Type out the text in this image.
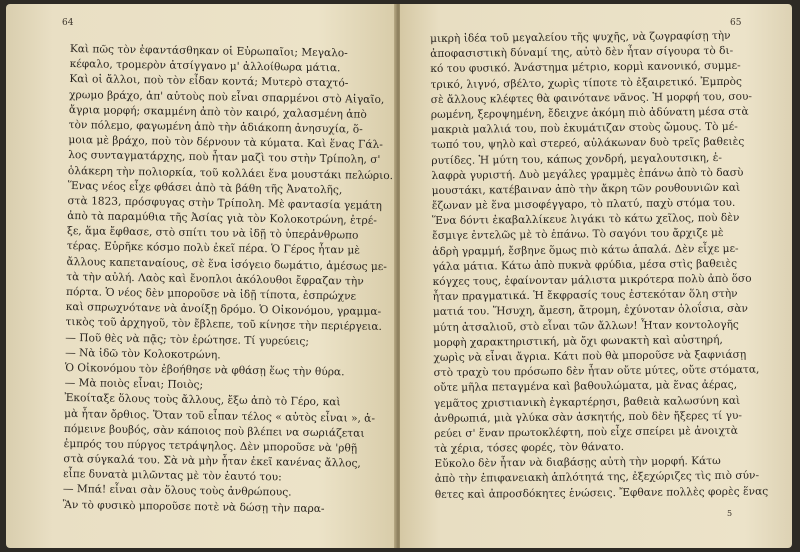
64
Καὶ πῶς τὸν ἐφαντάσθηκαν οἱ Εὐρωπαῖοι; Μεγαλο-
κέφαλο, τρομερὸν ἀτσίγγανο μ' ἀλλοίθωρα μάτια.
Καὶ οἱ ἄλλοι, ποὺ τὸν εἶδαν κοντά; Μυτερὸ σταχτό-
χρωμο βράχο, ἀπ' αὐτοὺς ποὺ εἶναι σπαρμένοι στὸ Αἰγαῖο,
ἄγρια μορφή; σκαμμένη ἀπὸ τὸν καιρό, χαλασμένη ἀπὸ
τὸν πόλεμο, φαγωμένη ἀπὸ τὴν ἀδιάκοπη ἀνησυχία, ὅ-
μοια μὲ βράχο, ποὺ τὸν δέρνουν τὰ κύματα. Καὶ ἕνας Γάλ-
λος συνταγματάρχης, ποὺ ἦταν μαζὶ του στὴν Τρίπολη, σ'
ὁλάκερη τὴν πολιορκία, τοῦ κολλάει ἕνα μουστάκι πελώριο.
Ἕνας νέος εἶχε φθάσει ἀπὸ τὰ βάθη τῆς Ἀνατολῆς,
στὰ 1823, πρόσφυγας στὴν Τρίπολη. Μὲ φαντασία γεμάτη
ἀπὸ τὰ παραμύθια τῆς Ἀσίας γιὰ τὸν Κολοκοτρώνη, ἐτρέ-
ξε, ἅμα ἔφθασε, στὸ σπίτι του νὰ ἰδῇ τὸ ὑπερἀνθρωπο
τέρας. Εὑρῆκε κόσμο πολὺ ἐκεῖ πέρα. Ὁ Γέρος ἦταν μὲ
ἄλλους καπεταναίους, σὲ ἕνα ἰσόγειο δωμάτιο, ἀμέσως με-
τὰ τὴν αὐλή. Λαὸς καὶ ἔνοπλοι ἀκόλουθοι ἔφραζαν τὴν
πόρτα. Ὁ νέος δὲν μποροῦσε νὰ ἰδῇ τίποτα, ἐσπρώχνε
καὶ σπρωχνότανε νὰ ἀνοίξῃ δρόμο. Ὁ Οἰκονόμου, γραμμα-
τικὸς τοῦ ἀρχηγοῦ, τὸν ἔβλεπε, τοῦ κίνησε τὴν περιέργεια.
— Ποῦ θὲς νὰ πᾷς; τὸν ἐρώτησε. Τί γυρεύεις;
— Νὰ ἰδῶ τὸν Κολοκοτρώνη.
Ὁ Οἰκονόμου τὸν ἐβοήθησε νὰ φθάσῃ ἕως τὴν θύρα.
— Μὰ ποιὸς εἶναι; Ποιὸς;
Ἐκοίταξε ὅλους τοὺς ἄλλους, ἔξω ἀπὸ τὸ Γέρο, καὶ
μὰ ἦταν ὄρθιος. Ὅταν τοῦ εἶπαν τέλος « αὐτὸς εἶναι », ἀ-
πόμεινε βουβός, σὰν κάποιος ποὺ βλέπει να σωριάζεται
ἐμπρός του πύργος τετράψηλος. Δὲν μποροῦσε νὰ 'ρθῇ
στὰ σύγκαλά του. Σὰ νὰ μὴν ἦταν ἐκεῖ κανένας ἄλλος,
εἶπε δυνατὰ μιλῶντας μὲ τὸν ἑαυτό του:
— Μπά! εἶναι σὰν ὅλους τοὺς ἀνθρώπους.
Ἂν τὸ φυσικὸ μποροῦσε ποτὲ νὰ δώσῃ τὴν παρα-
65
μικρὴ ἰδέα τοῦ μεγαλείου τῆς ψυχῆς, νὰ ζωγραφίσῃ τὴν
ἀποφασιστικὴ δύναμί της, αὐτὸ δὲν ἦταν σίγουρα τὸ δι-
κό του φυσικό. Ἀνάστημα μέτριο, κορμὶ κανονικό, συμμε-
τρικό, λιγνό, σβέλτο, χωρὶς τίποτε τὸ ἐξαιρετικό. Ἐμπρὸς
σὲ ἄλλους κλέφτες θὰ φαινότανε νᾶνος. Ἡ μορφή του, σου-
ρωμένη, ξεροψημένη, ἔδειχνε ἀκόμη πιὸ ἀδύνατη μέσα στὰ
μακριὰ μαλλιά του, ποὺ ἐκυμάτιζαν στοὺς ὤμους. Τὸ μέ-
τωπό του, ψηλὸ καὶ στερεό, αὐλάκωναν δυὸ τρεῖς βαθειὲς
ρυτίδες. Ἡ μύτη του, κάπως χονδρή, μεγαλουτσικη, ἐ-
λαφρὰ γυριστή. Δυὸ μεγάλες γραμμὲς ἐπάνω ἀπὸ τὸ δασὺ
μουστάκι, κατέβαιναν ἀπὸ τὴν ἄκρη τῶν ρουθουνιῶν καὶ
ἔζωναν μὲ ἕνα μισοφέγγαρο, τὸ πλατύ, παχὺ στόμα του.
Ἕνα δόντι ἐκαβαλλίκευε λιγάκι τὸ κάτω χεῖλος, ποὺ δὲν
ἔσμιγε ἐντελῶς μὲ τὸ ἐπάνω. Τὸ σαγόνι του ἄρχιζε μὲ
ἀδρὴ γραμμή, ἔσβηνε ὅμως πιὸ κάτω ἁπαλά. Δὲν εἶχε με-
γάλα μάτια. Κάτω ἀπὸ πυκνὰ φρύδια, μέσα στὶς βαθειὲς
κόγχες τους, ἐφαίνονταν μάλιστα μικρότερα πολὺ ἀπὸ ὅσο
ἦταν πραγματικά. Ἡ ἔκφρασίς τους ἐστεκόταν ὅλη στὴν
ματιά του. Ἥσυχη, ἄμεση, ἄτρομη, ἐχύνοταν ὁλοΐσια, σὰν
μύτη ἀτσαλιοῦ, στὸ εἶναι τῶν ἄλλων! Ἦταν κοντολογῆς
μορφὴ χαρακτηριστική, μὰ ὄχι φωνακτὴ καὶ αὐστηρή,
χωρὶς νὰ εἶναι ἄγρια. Κάτι ποὺ θὰ μποροῦσε νὰ ξαφνιάσῃ
στὸ τραχὺ του πρόσωπο δὲν ἦταν οὔτε μύτες, οὔτε στόματα,
οὔτε μῆλα πεταγμένα καὶ βαθουλώματα, μὰ ἕνας ἀέρας,
γεμᾶτος χριστιανικὴ ἐγκαρτέρησι, βαθειὰ καλωσύνη καὶ
ἀνθρωπιά, μιὰ γλύκα σὰν ἀσκητής, ποὺ δὲν ἤξερες τί γυ-
ρεύει σ' ἕναν πρωτοκλέφτη, ποὺ εἶχε σπείρει μὲ ἀνοιχτὰ
τὰ χέρια, τόσες φορές, τὸν θάνατο.
Εὔκολο δὲν ἦταν νὰ διαβάσῃς αὐτὴ τὴν μορφή. Κάτω
ἀπὸ τὴν ἐπιφανειακὴ ἁπλότητά της, ἐξεχώριζες τὶς πιὸ σύν-
θετες καὶ ἀπροσδόκητες ἑνώσεις. Ἔφθανε πολλὲς φορὲς ἕνας
5
